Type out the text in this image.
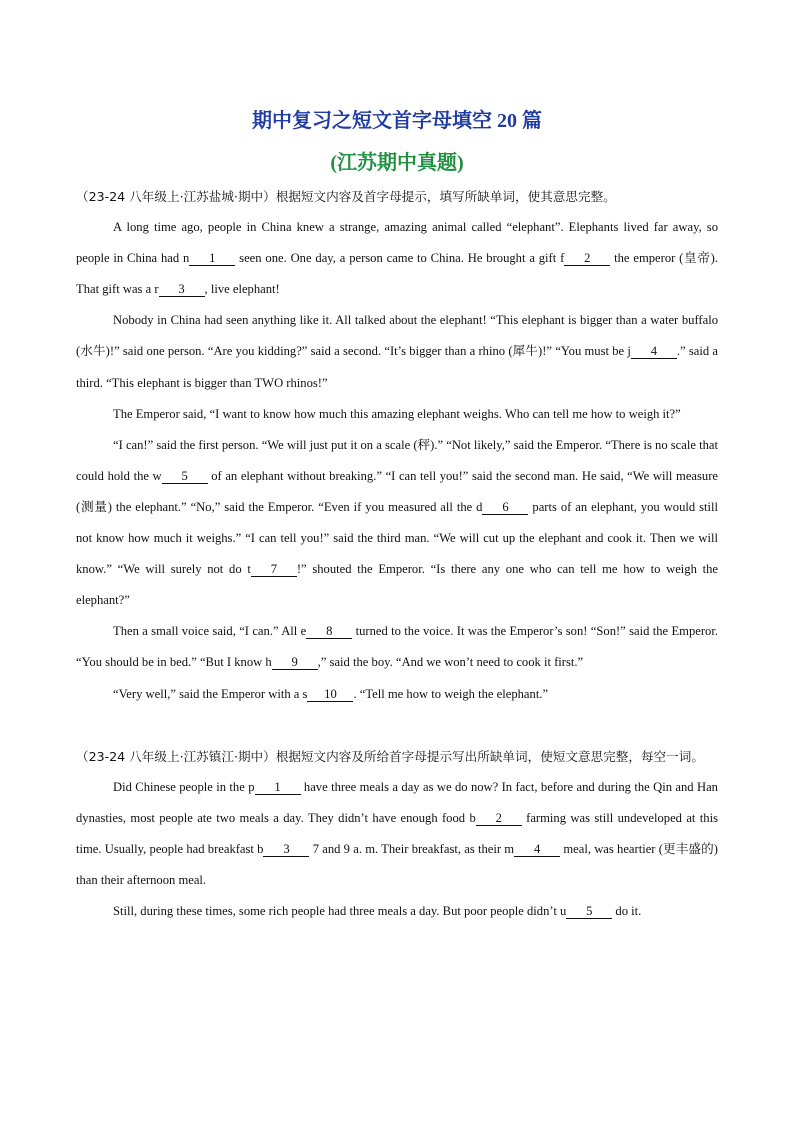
期中复习之短文首字母填空 20 篇
(江苏期中真题)

（23-24 八年级上·江苏盐城·期中）根据短文内容及首字母提示，填写所缺单词，使其意思完整。

A long time ago, people in China knew a strange, amazing animal called “elephant”. Elephants lived far away, so people in China had n 1 seen one. One day, a person came to China. He brought a gift f 2 the emperor (皇帝). That gift was a r 3 , live elephant!

Nobody in China had seen anything like it. All talked about the elephant! “This elephant is bigger than a water buffalo (水牛)!” said one person. “Are you kidding?” said a second. “It’s bigger than a rhino (犀牛)!” “You must be j 4 .” said a third. “This elephant is bigger than TWO rhinos!”

The Emperor said, “I want to know how much this amazing elephant weighs. Who can tell me how to weigh it?”

“I can!” said the first person. “We will just put it on a scale (秤).” “Not likely,” said the Emperor. “There is no scale that could hold the w 5 of an elephant without breaking.” “I can tell you!” said the second man. He said, “We will measure (测量) the elephant.” “No,” said the Emperor. “Even if you measured all the d 6 parts of an elephant, you would still not know how much it weighs.” “I can tell you!” said the third man. “We will cut up the elephant and cook it. Then we will know.” “We will surely not do t 7 !” shouted the Emperor. “Is there any one who can tell me how to weigh the elephant?”

Then a small voice said, “I can.” All e 8 turned to the voice. It was the Emperor’s son! “Son!” said the Emperor. “You should be in bed.” “But I know h 9 ,” said the boy. “And we won’t need to cook it first.”

“Very well,” said the Emperor with a s 10 . “Tell me how to weigh the elephant.”

（23-24 八年级上·江苏镇江·期中）根据短文内容及所给首字母提示写出所缺单词，使短文意思完整，每空一词。

Did Chinese people in the p 1 have three meals a day as we do now? In fact, before and during the Qin and Han dynasties, most people ate two meals a day. They didn’t have enough food b 2 farming was still undeveloped at this time. Usually, people had breakfast b 3 7 and 9 a. m. Their breakfast, as their m 4 meal, was heartier (更丰盛的) than their afternoon meal.

Still, during these times, some rich people had three meals a day. But poor people didn’t u 5 do it.
